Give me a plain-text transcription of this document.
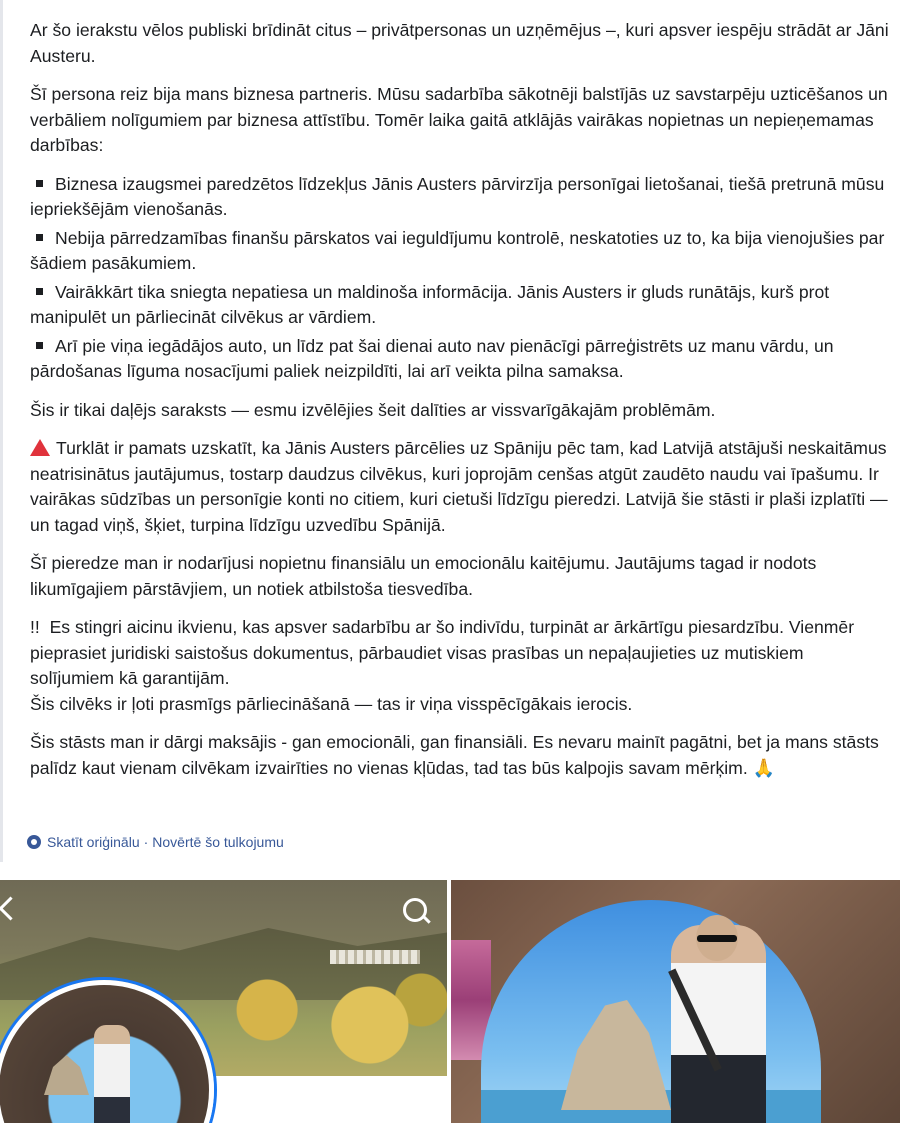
Ar šo ierakstu vēlos publiski brīdināt citus – privātpersonas un uzņēmējus –, kuri apsver iespēju strādāt ar Jāni Austeru.

Šī persona reiz bija mans biznesa partneris. Mūsu sadarbība sākotnēji balstījās uz savstarpēju uzticēšanos un verbāliem nolīgumiem par biznesa attīstību. Tomēr laika gaitā atklājās vairākas nopietnas un nepieņemamas darbības:

Biznesa izaugsmei paredzētos līdzekļus Jānis Austers pārvirzīja personīgai lietošanai, tiešā pretrunā mūsu iepriekšējām vienošanās.
Nebija pārredzamības finanšu pārskatos vai ieguldījumu kontrolē, neskatoties uz to, ka bija vienojušies par šādiem pasākumiem.
Vairākkārt tika sniegta nepatiesa un maldinoša informācija. Jānis Austers ir gluds runātājs, kurš prot manipulēt un pārliecināt cilvēkus ar vārdiem.
Arī pie viņa iegādājos auto, un līdz pat šai dienai auto nav pienācīgi pārreģistrēts uz manu vārdu, un pārdošanas līguma nosacījumi paliek neizpildīti, lai arī veikta pilna samaksa.

Šis ir tikai daļējs saraksts — esmu izvēlējies šeit dalīties ar vissvarīgākajām problēmām.

Turklāt ir pamats uzskatīt, ka Jānis Austers pārcēlies uz Spāniju pēc tam, kad Latvijā atstājuši neskaitāmus neatrisinātus jautājumus, tostarp daudzus cilvēkus, kuri joprojām cenšas atgūt zaudēto naudu vai īpašumu. Ir vairākas sūdzības un personīgie konti no citiem, kuri cietuši līdzīgu pieredzi. Latvijā šie stāsti ir plaši izplatīti — un tagad viņš, šķiet, turpina līdzīgu uzvedību Spānijā.

Šī pieredze man ir nodarījusi nopietnu finansiālu un emocionālu kaitējumu. Jautājums tagad ir nodots likumīgajiem pārstāvjiem, un notiek atbilstoša tiesvedība.

!! Es stingri aicinu ikvienu, kas apsver sadarbību ar šo indivīdu, turpināt ar ārkārtīgu piesardzību. Vienmēr pieprasiet juridiski saistošus dokumentus, pārbaudiet visas prasības un nepaļaujieties uz mutiskiem solījumiem kā garantijām.
Šis cilvēks ir ļoti prasmīgs pārliecināšanā — tas ir viņa visspēcīgākais ierocis.

Šis stāsts man ir dārgi maksājis - gan emocionāli, gan finansiāli. Es nevaru mainīt pagātni, bet ja mans stāsts palīdz kaut vienam cilvēkam izvairīties no vienas kļūdas, tad tas būs kalpojis savam mērķim. 🙏

Skatīt oriģinālu · Novērtē šo tulkojumu
